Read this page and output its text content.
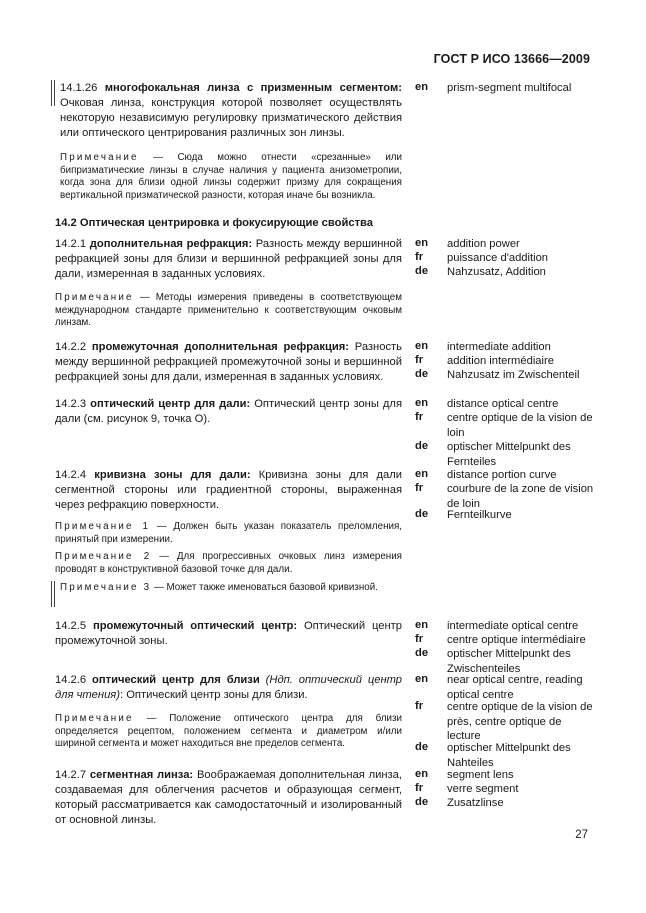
ГОСТ Р ИСО 13666—2009
14.1.26 многофокальная линза с призменным сегментом: Очковая линза, конструкция которой позволяет осуществлять некоторую независимую регулировку призматического действия или оптического центрирования различных зон линзы.
Примечание — Сюда можно отнести «срезанные» или бипризматические линзы в случае наличия у пациента анизометропии, когда зона для близи одной линзы содержит призму для сокращения вертикальной призматической разности, которая иначе бы возникла.
en prism-segment multifocal
14.2 Оптическая центрировка и фокусирующие свойства
14.2.1 дополнительная рефракция: Разность между вершинной рефракцией зоны для близи и вершинной рефракцией зоны для дали, измеренная в заданных условиях.
Примечание — Методы измерения приведены в соответствующем международном стандарте применительно к соответствующим очковым линзам.
en addition power
fr puissance d'addition
de Nahzusatz, Addition
14.2.2 промежуточная дополнительная рефракция: Разность между вершинной рефракцией промежуточной зоны и вершинной рефракцией зоны для дали, измеренная в заданных условиях.
en intermediate addition
fr addition intermédiaire
de Nahzusatz im Zwischenteil
14.2.3 оптический центр для дали: Оптический центр зоны для дали (см. рисунок 9, точка О).
en distance optical centre
fr centre optique de la vision de loin
de optischer Mittelpunkt des Fernteiles
14.2.4 кривизна зоны для дали: Кривизна зоны для дали сегментной стороны или градиентной стороны, выраженная через рефракцию поверхности.
Примечание 1 — Должен быть указан показатель преломления, принятый при измерении.
Примечание 2 — Для прогрессивных очковых линз измерения проводят в конструктивной базовой точке для дали.
Примечание 3 — Может также именоваться базовой кривизной.
en distance portion curve
fr courbure de la zone de vision de loin
de Fernteilkurve
14.2.5 промежуточный оптический центр: Оптический центр промежуточной зоны.
en intermediate optical centre
fr centre optique intermédiaire
de optischer Mittelpunkt des Zwischenteiles
14.2.6 оптический центр для близи (Ндп. оптический центр для чтения): Оптический центр зоны для близи.
Примечание — Положение оптического центра для близи определяется рецептом, положением сегмента и диаметром и/или шириной сегмента и может находиться вне пределов сегмента.
en near optical centre, reading optical centre
fr centre optique de la vision de près, centre optique de lecture
de optischer Mittelpunkt des Nahteiles
14.2.7 сегментная линза: Воображаемая дополнительная линза, создаваемая для облегчения расчетов и образующая сегмент, который рассматривается как самодостаточный и изолированный от основной линзы.
en segment lens
fr verre segment
de Zusatzlinse
27
